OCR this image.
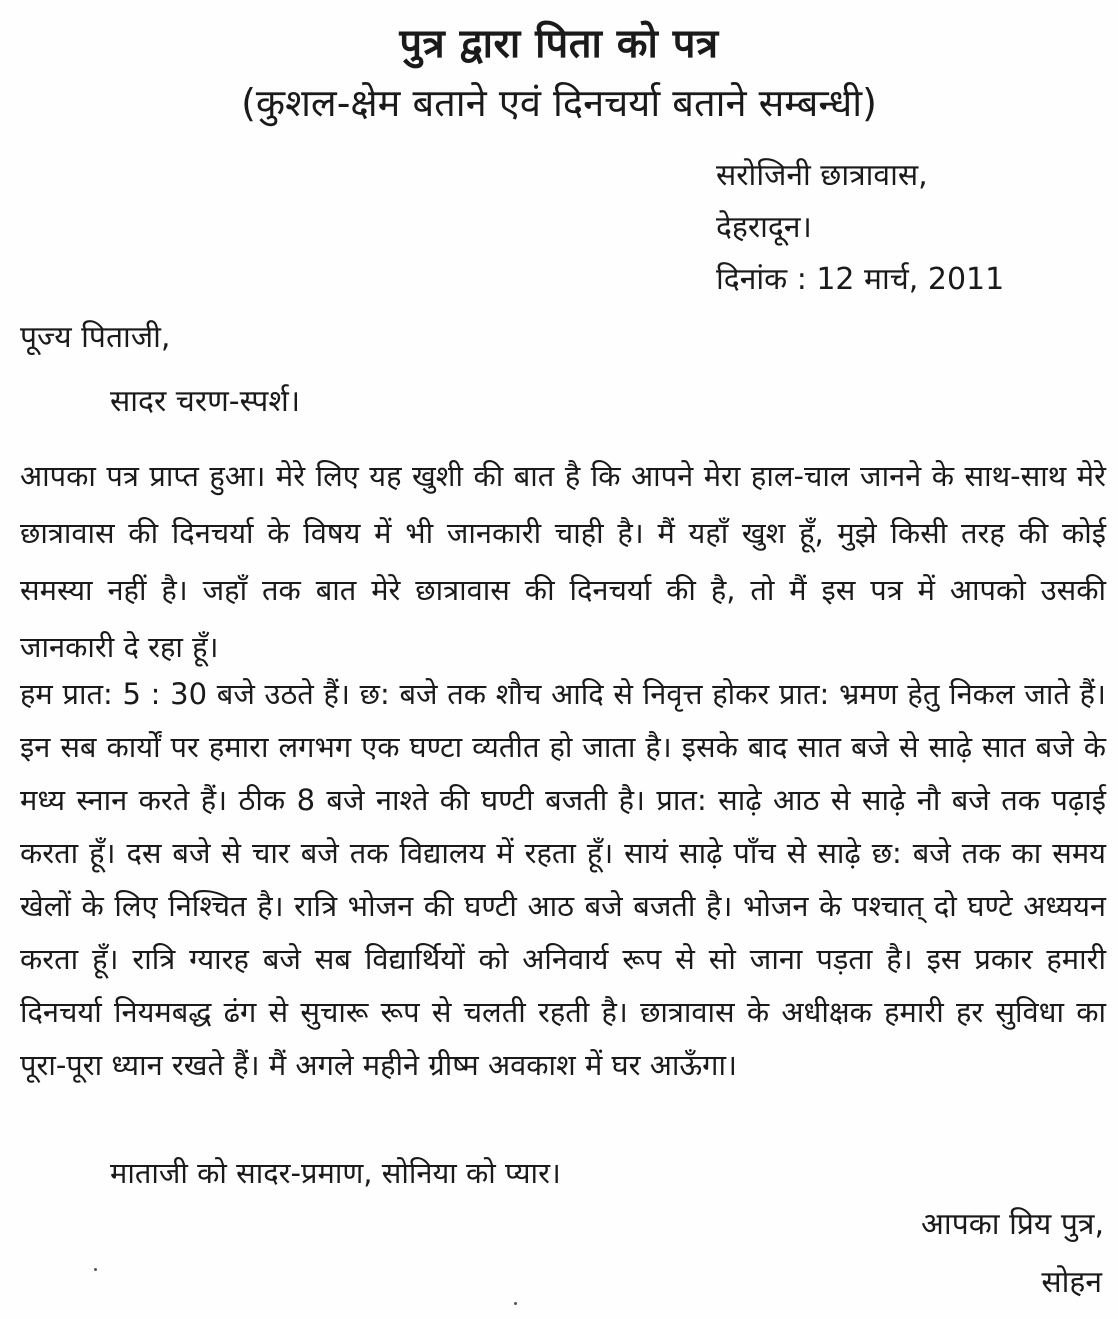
पुत्र द्वारा पिता को पत्र
(कुशल-क्षेम बताने एवं दिनचर्या बताने सम्बन्धी)
सरोजिनी छात्रावास,
देहरादून।
दिनांक : 12 मार्च, 2011
पूज्य पिताजी,
सादर चरण-स्पर्श।
आपका पत्र प्राप्त हुआ। मेरे लिए यह खुशी की बात है कि आपने मेरा हाल-चाल जानने के साथ-साथ मेरे छात्रावास की दिनचर्या के विषय में भी जानकारी चाही है। मैं यहाँ खुश हूँ, मुझे किसी तरह की कोई समस्या नहीं है। जहाँ तक बात मेरे छात्रावास की दिनचर्या की है, तो मैं इस पत्र में आपको उसकी जानकारी दे रहा हूँ।
हम प्रात: 5 : 30 बजे उठते हैं। छ: बजे तक शौच आदि से निवृत्त होकर प्रात: भ्रमण हेतु निकल जाते हैं। इन सब कार्यों पर हमारा लगभग एक घण्टा व्यतीत हो जाता है। इसके बाद सात बजे से साढ़े सात बजे के मध्य स्नान करते हैं। ठीक 8 बजे नाश्ते की घण्टी बजती है। प्रात: साढ़े आठ से साढ़े नौ बजे तक पढ़ाई करता हूँ। दस बजे से चार बजे तक विद्यालय में रहता हूँ। सायं साढ़े पाँच से साढ़े छ: बजे तक का समय खेलों के लिए निश्चित है। रात्रि भोजन की घण्टी आठ बजे बजती है। भोजन के पश्चात् दो घण्टे अध्ययन करता हूँ। रात्रि ग्यारह बजे सब विद्यार्थियों को अनिवार्य रूप से सो जाना पड़ता है। इस प्रकार हमारी दिनचर्या नियमबद्ध ढंग से सुचारू रूप से चलती रहती है। छात्रावास के अधीक्षक हमारी हर सुविधा का पूरा-पूरा ध्यान रखते हैं। मैं अगले महीने ग्रीष्म अवकाश में घर आऊँगा।
माताजी को सादर-प्रमाण, सोनिया को प्यार।
आपका प्रिय पुत्र,
सोहन
